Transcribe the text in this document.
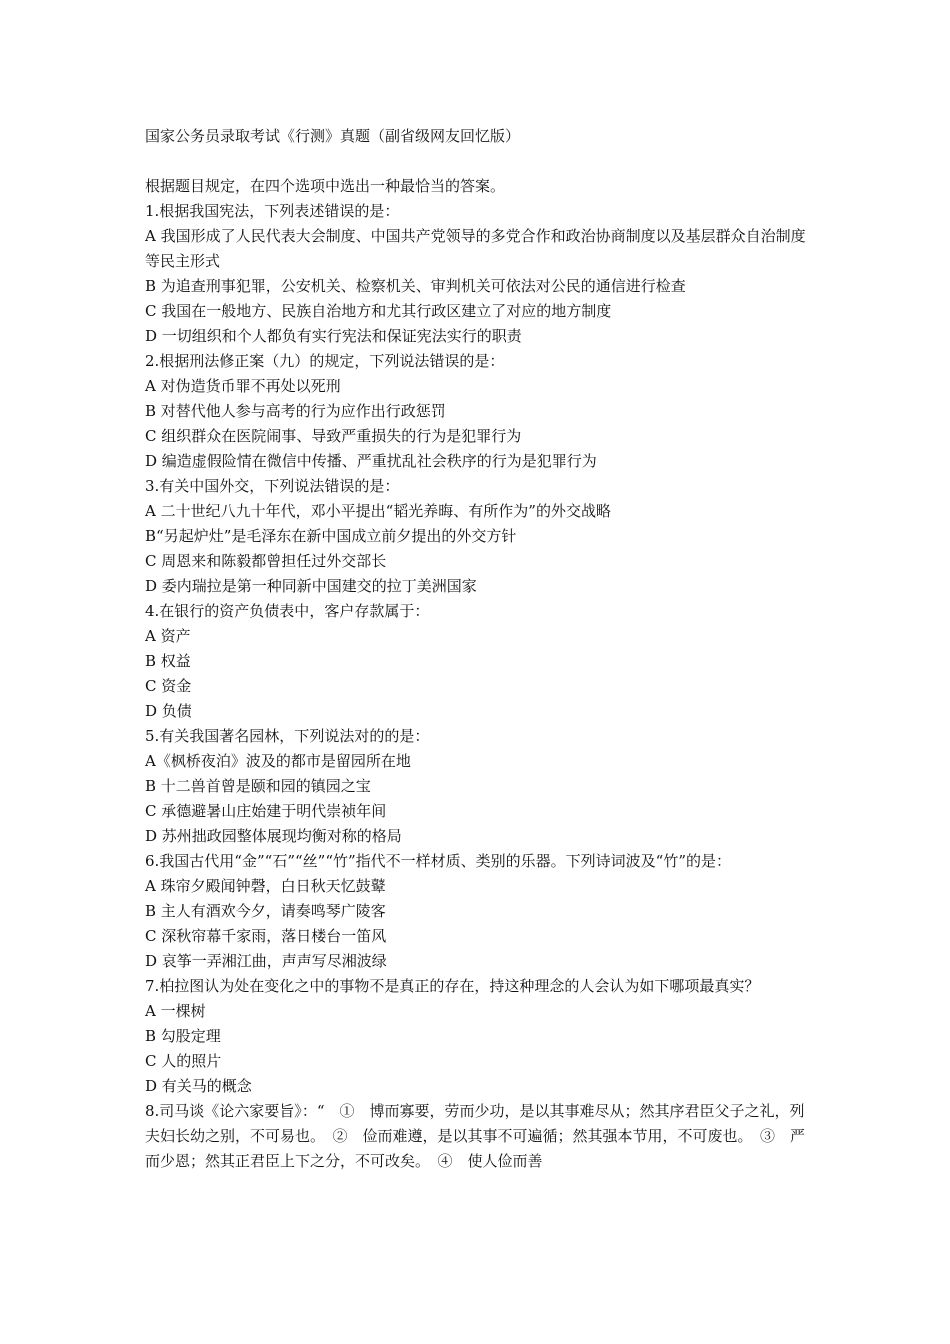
国家公务员录取考试《行测》真题（副省级网友回忆版）

根据题目规定，在四个选项中选出一种最恰当的答案。

1.根据我国宪法，下列表述错误的是：

A 我国形成了人民代表大会制度、中国共产党领导的多党合作和政治协商制度以及基层群众自治制度等民主形式

B 为追查刑事犯罪，公安机关、检察机关、审判机关可依法对公民的通信进行检查

C 我国在一般地方、民族自治地方和尤其行政区建立了对应的地方制度

D 一切组织和个人都负有实行宪法和保证宪法实行的职责

2.根据刑法修正案（九）的规定，下列说法错误的是：

A 对伪造货币罪不再处以死刑

B 对替代他人参与高考的行为应作出行政惩罚

C 组织群众在医院闹事、导致严重损失的行为是犯罪行为

D 编造虚假险情在微信中传播、严重扰乱社会秩序的行为是犯罪行为

3.有关中国外交，下列说法错误的是：

A 二十世纪八九十年代，邓小平提出“韬光养晦、有所作为”的外交战略

B“另起炉灶”是毛泽东在新中国成立前夕提出的外交方针

C 周恩来和陈毅都曾担任过外交部长

D 委内瑞拉是第一种同新中国建交的拉丁美洲国家

4.在银行的资产负债表中，客户存款属于：

A 资产

B 权益

C 资金

D 负债

5.有关我国著名园林，下列说法对的的是：

A《枫桥夜泊》波及的都市是留园所在地

B 十二兽首曾是颐和园的镇园之宝

C 承德避暑山庄始建于明代崇祯年间

D 苏州拙政园整体展现均衡对称的格局

6.我国古代用“金”“石”“丝”“竹”指代不一样材质、类别的乐器。下列诗词波及“竹”的是：

A 珠帘夕殿闻钟磬，白日秋天忆鼓鼙

B 主人有酒欢今夕，请奏鸣琴广陵客

C 深秋帘幕千家雨，落日楼台一笛风

D 哀筝一弄湘江曲，声声写尽湘波绿

7.柏拉图认为处在变化之中的事物不是真正的存在，持这种理念的人会认为如下哪项最真实？

A 一棵树

B 勾股定理

C 人的照片

D 有关马的概念

8.司马谈《论六家要旨》：“　①　博而寡要，劳而少功，是以其事难尽从；然其序君臣父子之礼，列夫妇长幼之别，不可易也。　②　俭而难遵，是以其事不可遍循；然其强本节用，不可废也。　③　严而少恩；然其正君臣上下之分，不可改矣。　④　使人俭而善
